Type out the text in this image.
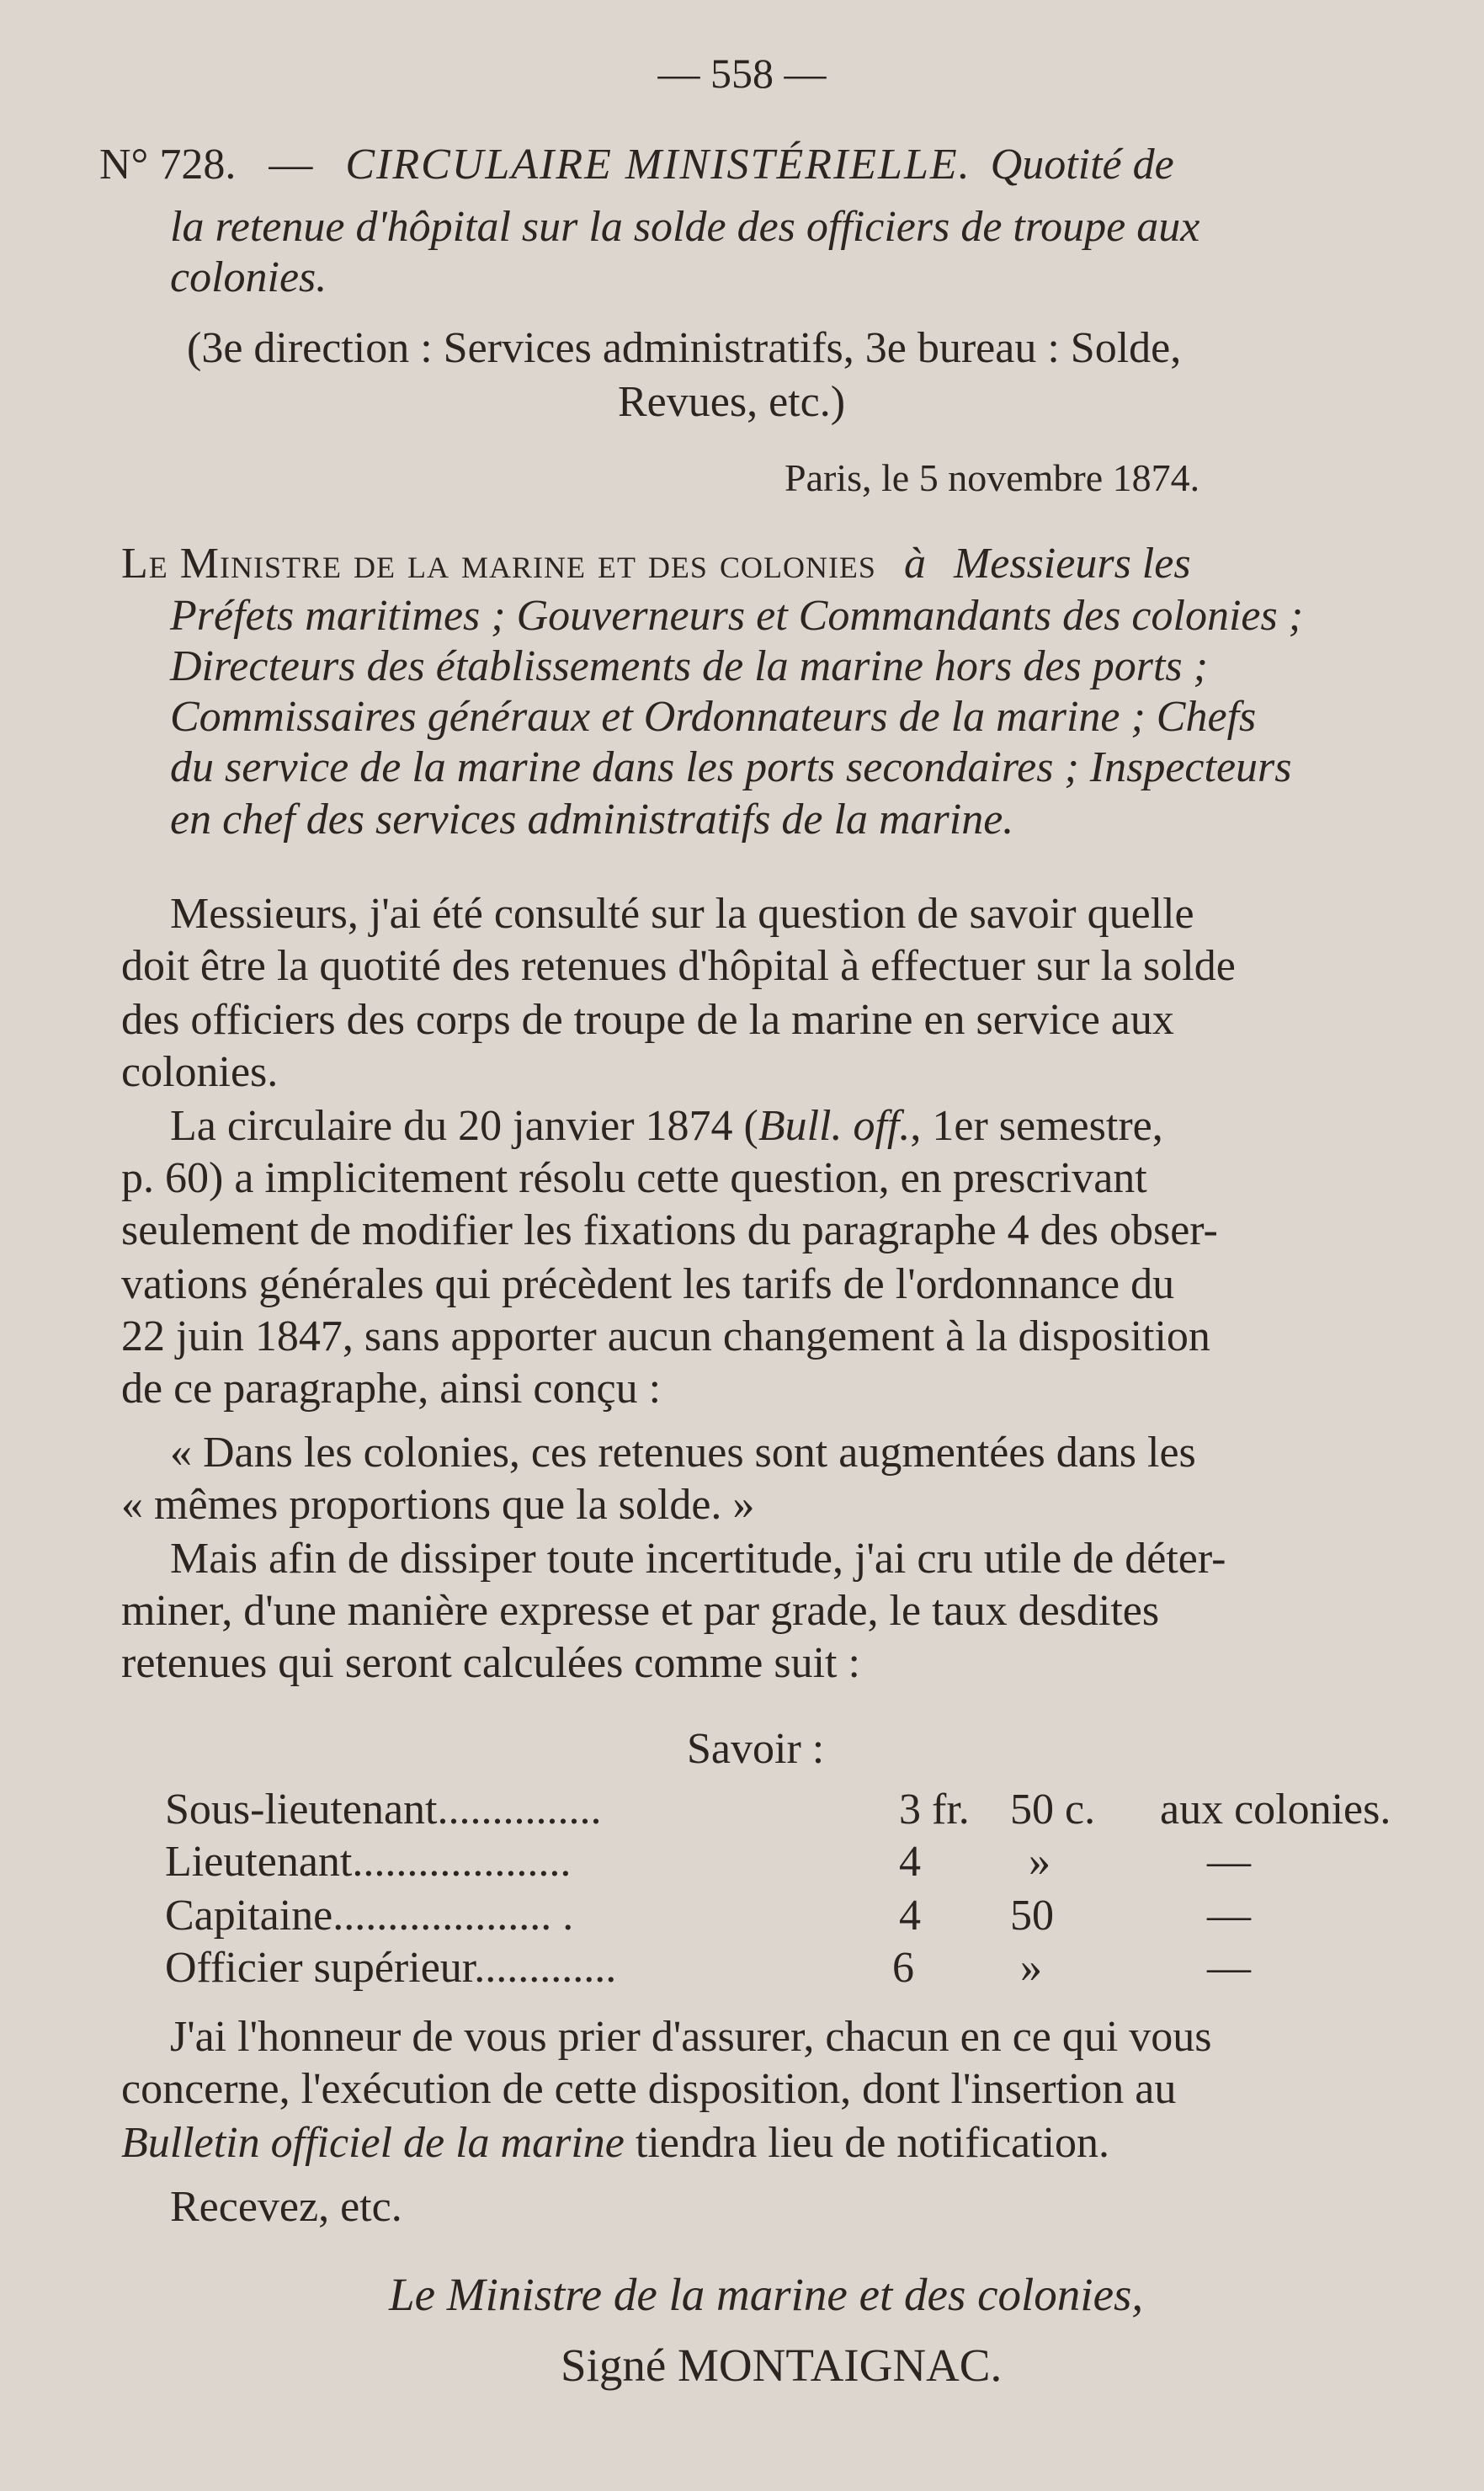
— 558 —
N° 728. — CIRCULAIRE MINISTÉRIELLE. Quotité de
la retenue d'hôpital sur la solde des officiers de troupe aux
colonies.
(3e direction : Services administratifs, 3e bureau : Solde,
Revues, etc.)
Paris, le 5 novembre 1874.
Le Ministre de la marine et des colonies à Messieurs les
Préfets maritimes ; Gouverneurs et Commandants des colonies ;
Directeurs des établissements de la marine hors des ports ;
Commissaires généraux et Ordonnateurs de la marine ; Chefs
du service de la marine dans les ports secondaires ; Inspecteurs
en chef des services administratifs de la marine.
Messieurs, j'ai été consulté sur la question de savoir quelle
doit être la quotité des retenues d'hôpital à effectuer sur la solde
des officiers des corps de troupe de la marine en service aux
colonies.
La circulaire du 20 janvier 1874 (Bull. off., 1er semestre,
p. 60) a implicitement résolu cette question, en prescrivant
seulement de modifier les fixations du paragraphe 4 des obser-
vations générales qui précèdent les tarifs de l'ordonnance du
22 juin 1847, sans apporter aucun changement à la disposition
de ce paragraphe, ainsi conçu :
« Dans les colonies, ces retenues sont augmentées dans les
« mêmes proportions que la solde. »
Mais afin de dissiper toute incertitude, j'ai cru utile de déter-
miner, d'une manière expresse et par grade, le taux desdites
retenues qui seront calculées comme suit :
Savoir :
Sous-lieutenant...............	3 fr. 50 c. aux colonies.
Lieutenant....................	4 »	—
Capitaine.................... .	4 50	—
Officier supérieur.............	6 »	—
J'ai l'honneur de vous prier d'assurer, chacun en ce qui vous
concerne, l'exécution de cette disposition, dont l'insertion au
Bulletin officiel de la marine tiendra lieu de notification.
Recevez, etc.
Le Ministre de la marine et des colonies,
Signé MONTAIGNAC.
